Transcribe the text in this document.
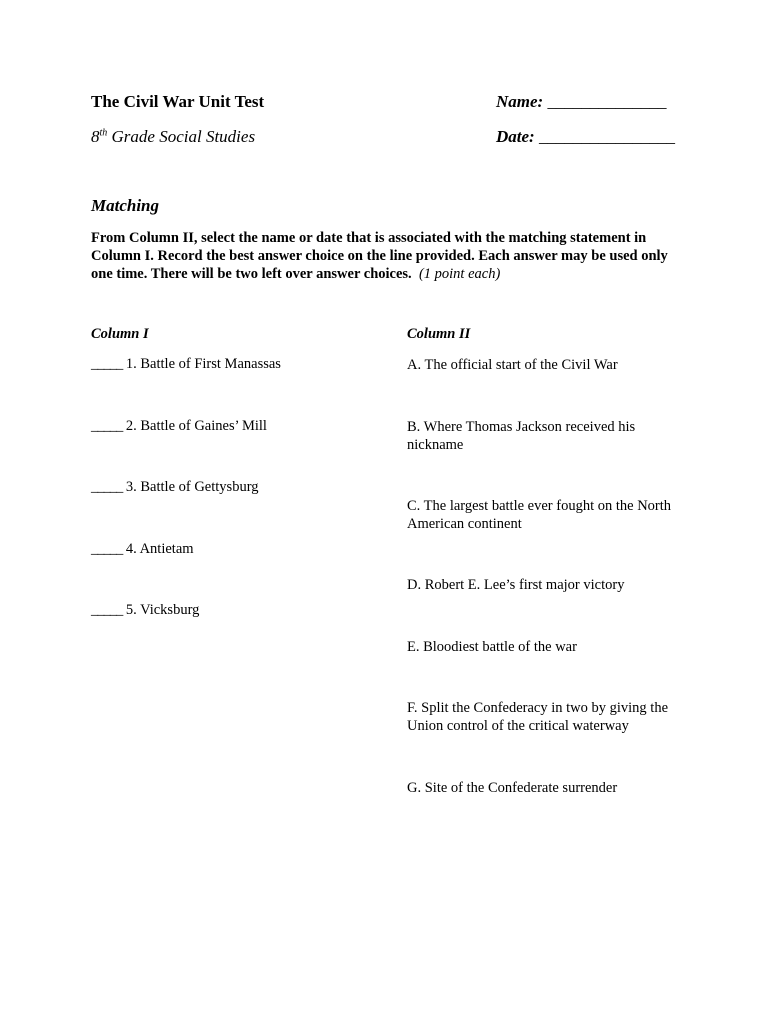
The Civil War Unit Test
8th Grade Social Studies
Name: ______________
Date: ________________
Matching
From Column II, select the name or date that is associated with the matching statement in Column I. Record the best answer choice on the line provided. Each answer may be used only one time. There will be two left over answer choices. (1 point each)
Column I	Column II
_____ 1. Battle of First Manassas
_____ 2. Battle of Gaines’ Mill
_____ 3. Battle of Gettysburg
_____ 4. Antietam
_____ 5. Vicksburg
A. The official start of the Civil War
B. Where Thomas Jackson received his nickname
C. The largest battle ever fought on the North American continent
D. Robert E. Lee’s first major victory
E. Bloodiest battle of the war
F. Split the Confederacy in two by giving the Union control of the critical waterway
G. Site of the Confederate surrender
